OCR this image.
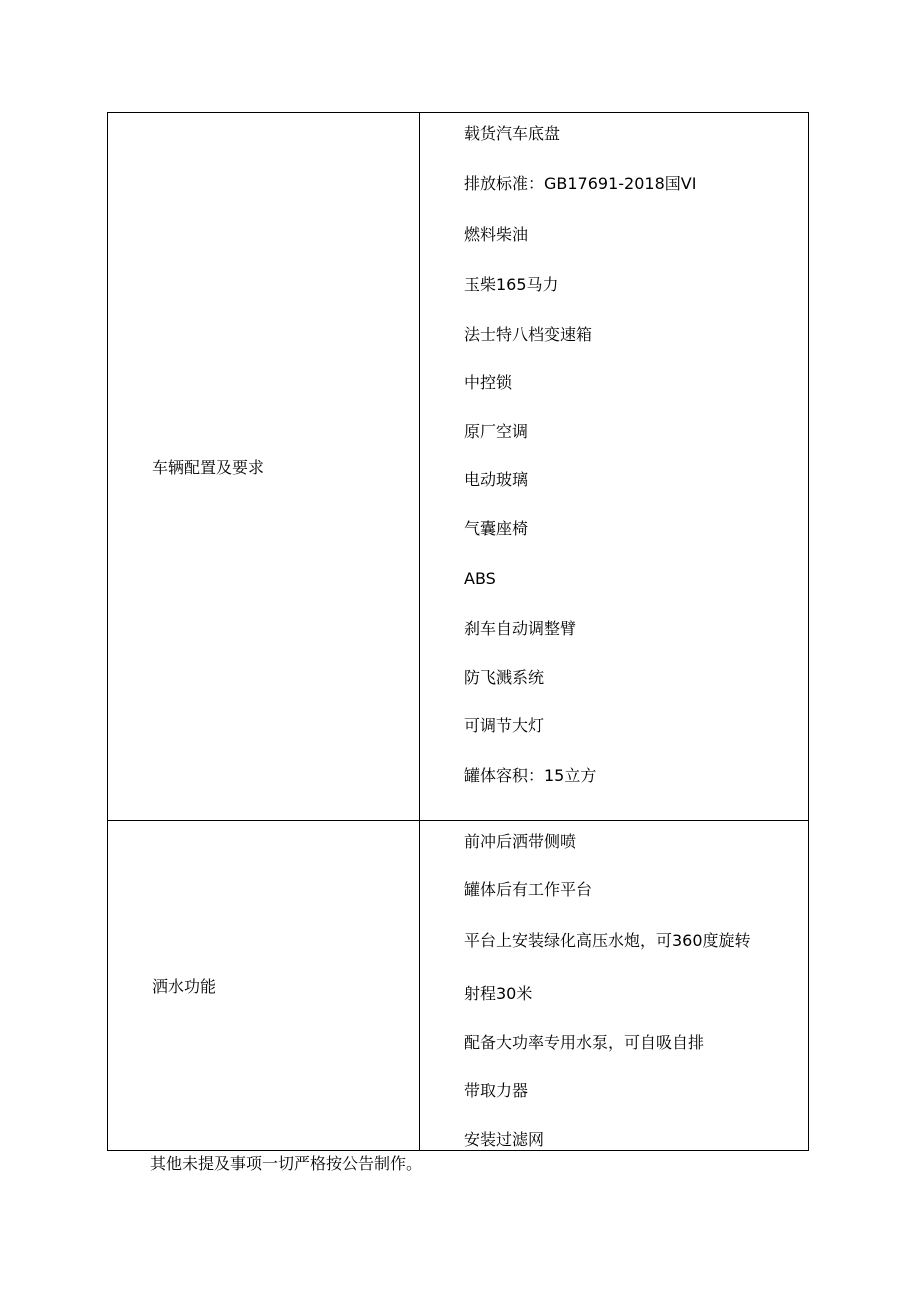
车辆配置及要求
载货汽车底盘
排放标准：GB17691-2018国VI
燃料柴油
玉柴165马力
法士特八档变速箱
中控锁
原厂空调
电动玻璃
气囊座椅
ABS
刹车自动调整臂
防飞溅系统
可调节大灯
罐体容积：15立方
洒水功能
前冲后洒带侧喷
罐体后有工作平台
平台上安装绿化高压水炮，可360度旋转
射程30米
配备大功率专用水泵，可自吸自排
带取力器
安装过滤网

其他未提及事项一切严格按公告制作。
